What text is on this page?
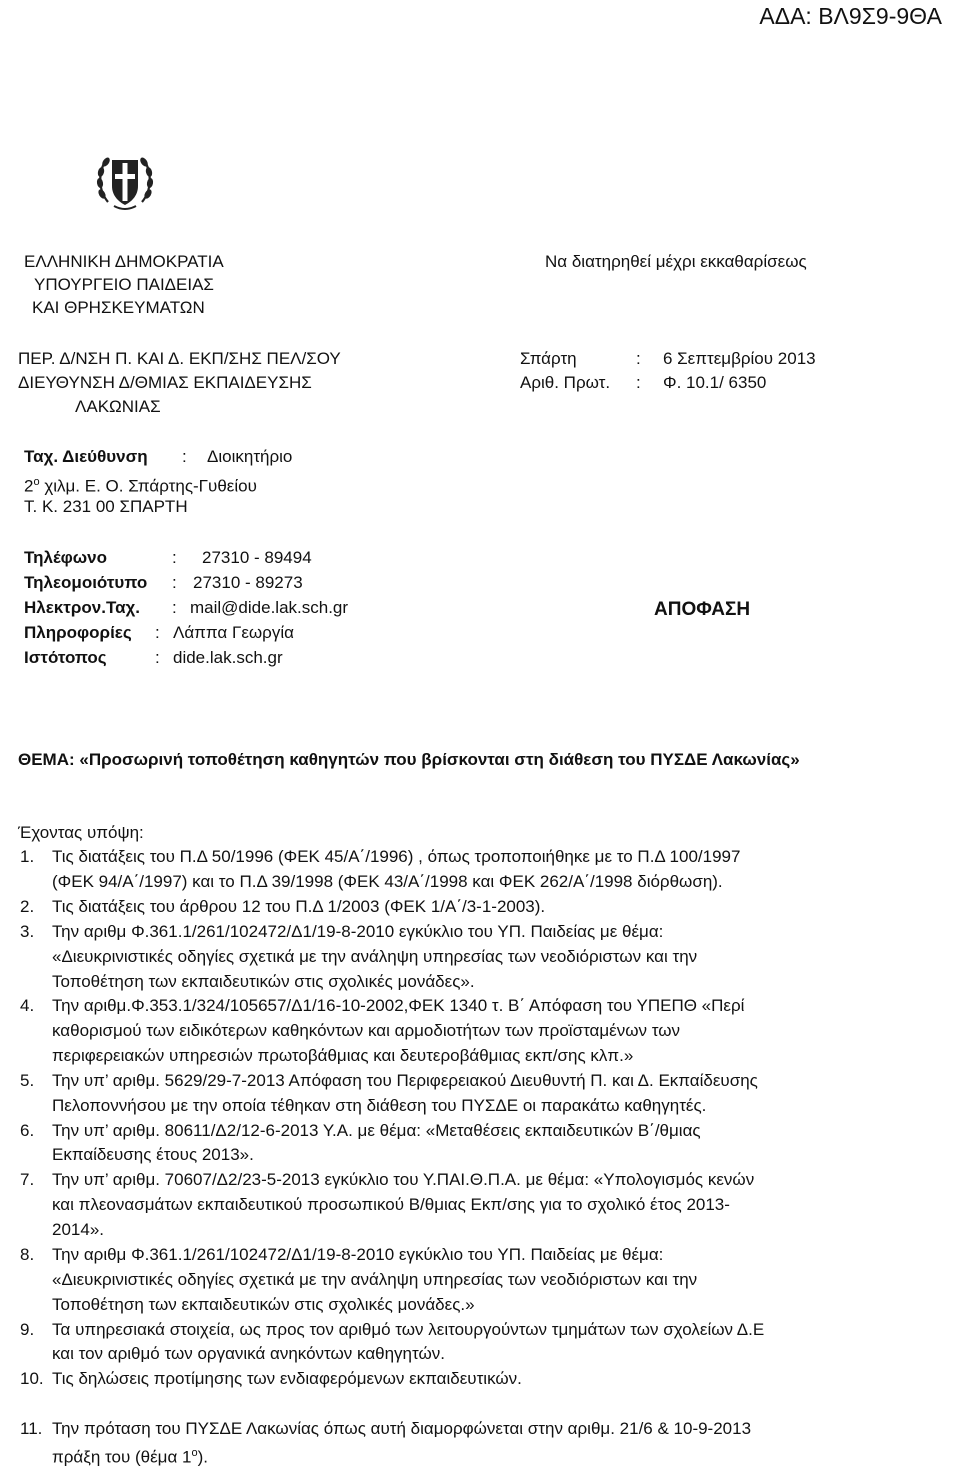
ΑΔΑ: ΒΛ9Σ9-9ΘΑ
ΕΛΛΗΝΙΚΗ ΔΗΜΟΚΡΑΤΙΑ
ΥΠΟΥΡΓΕΙΟ ΠΑΙΔΕΙΑΣ
ΚΑΙ ΘΡΗΣΚΕΥΜΑΤΩΝ
Να διατηρηθεί μέχρι εκκαθαρίσεως
ΠΕΡ. Δ/ΝΣΗ Π. ΚΑΙ Δ. ΕΚΠ/ΣΗΣ ΠΕΛ/ΣΟΥ
ΔΙΕΥΘΥΝΣΗ Δ/ΘΜΙΑΣ ΕΚΠΑΙΔΕΥΣΗΣ
ΛΑΚΩΝΙΑΣ
Σπάρτη	: 6 Σεπτεμβρίου 2013
Αριθ. Πρωτ. : Φ. 10.1/ 6350
Ταχ. Διεύθυνση : Διοικητήριο
$2^o$ χιλμ. Ε. Ο. Σπάρτης-Γυθείου
Τ. Κ. 231 00 ΣΠΑΡΤΗ
Τηλέφωνο	: 27310 - 89494
Τηλεομοιότυπο : 27310 - 89273
Ηλεκτρον.Ταχ. : mail@dide.lak.sch.gr
Πληροφορίες : Λάππα Γεωργία
Ιστότοπος	: dide.lak.sch.gr
ΑΠΟΦΑΣΗ
ΘΕΜΑ: «Προσωρινή τοποθέτηση καθηγητών που βρίσκονται στη διάθεση του ΠΥΣΔΕ Λακωνίας»
Έχοντας υπόψη:
1. Τις διατάξεις του Π.Δ 50/1996 (ΦΕΚ 45/Α΄/1996) , όπως τροποποιήθηκε με το Π.Δ 100/1997
(ΦΕΚ 94/Α΄/1997) και το Π.Δ 39/1998 (ΦΕΚ 43/Α΄/1998 και ΦΕΚ 262/Α΄/1998 διόρθωση).
2. Τις διατάξεις του άρθρου 12 του Π.Δ 1/2003 (ΦΕΚ 1/Α΄/3-1-2003).
3. Την αριθμ Φ.361.1/261/102472/Δ1/19-8-2010 εγκύκλιο του ΥΠ. Παιδείας με θέμα:
«Διευκρινιστικές οδηγίες σχετικά με την ανάληψη υπηρεσίας των νεοδιόριστων και την
Τοποθέτηση των εκπαιδευτικών στις σχολικές μονάδες».
4. Την αριθμ.Φ.353.1/324/105657/Δ1/16-10-2002,ΦΕΚ 1340 τ. Β΄ Απόφαση του ΥΠΕΠΘ «Περί
καθορισμού των ειδικότερων καθηκόντων και αρμοδιοτήτων των προϊσταμένων των
περιφερειακών υπηρεσιών πρωτοβάθμιας και δευτεροβάθμιας εκπ/σης κλπ.»
5. Την υπ’ αριθμ. 5629/29-7-2013 Απόφαση του Περιφερειακού Διευθυντή Π. και Δ. Εκπαίδευσης
Πελοποννήσου με την οποία τέθηκαν στη διάθεση του ΠΥΣΔΕ οι παρακάτω καθηγητές.
6. Την υπ’ αριθμ. 80611/Δ2/12-6-2013 Υ.Α. με θέμα: «Μεταθέσεις εκπαιδευτικών Β΄/θμιας
Εκπαίδευσης έτους 2013».
7. Την υπ’ αριθμ. 70607/Δ2/23-5-2013 εγκύκλιο του Υ.ΠΑΙ.Θ.Π.Α. με θέμα: «Υπολογισμός κενών
και πλεονασμάτων εκπαιδευτικού προσωπικού Β/θμιας Εκπ/σης για το σχολικό έτος 2013-
2014».
8. Την αριθμ Φ.361.1/261/102472/Δ1/19-8-2010 εγκύκλιο του ΥΠ. Παιδείας με θέμα:
«Διευκρινιστικές οδηγίες σχετικά με την ανάληψη υπηρεσίας των νεοδιόριστων και την
Τοποθέτηση των εκπαιδευτικών στις σχολικές μονάδες.»
9. Τα υπηρεσιακά στοιχεία, ως προς τον αριθμό των λειτουργούντων τμημάτων των σχολείων Δ.Ε
και τον αριθμό των οργανικά ανηκόντων καθηγητών.
10. Τις δηλώσεις προτίμησης των ενδιαφερόμενων εκπαιδευτικών.
11. Την πρόταση του ΠΥΣΔΕ Λακωνίας όπως αυτή διαμορφώνεται στην αριθμ. 21/6 & 10-9-2013
πράξη του (θέμα $1^o$).
